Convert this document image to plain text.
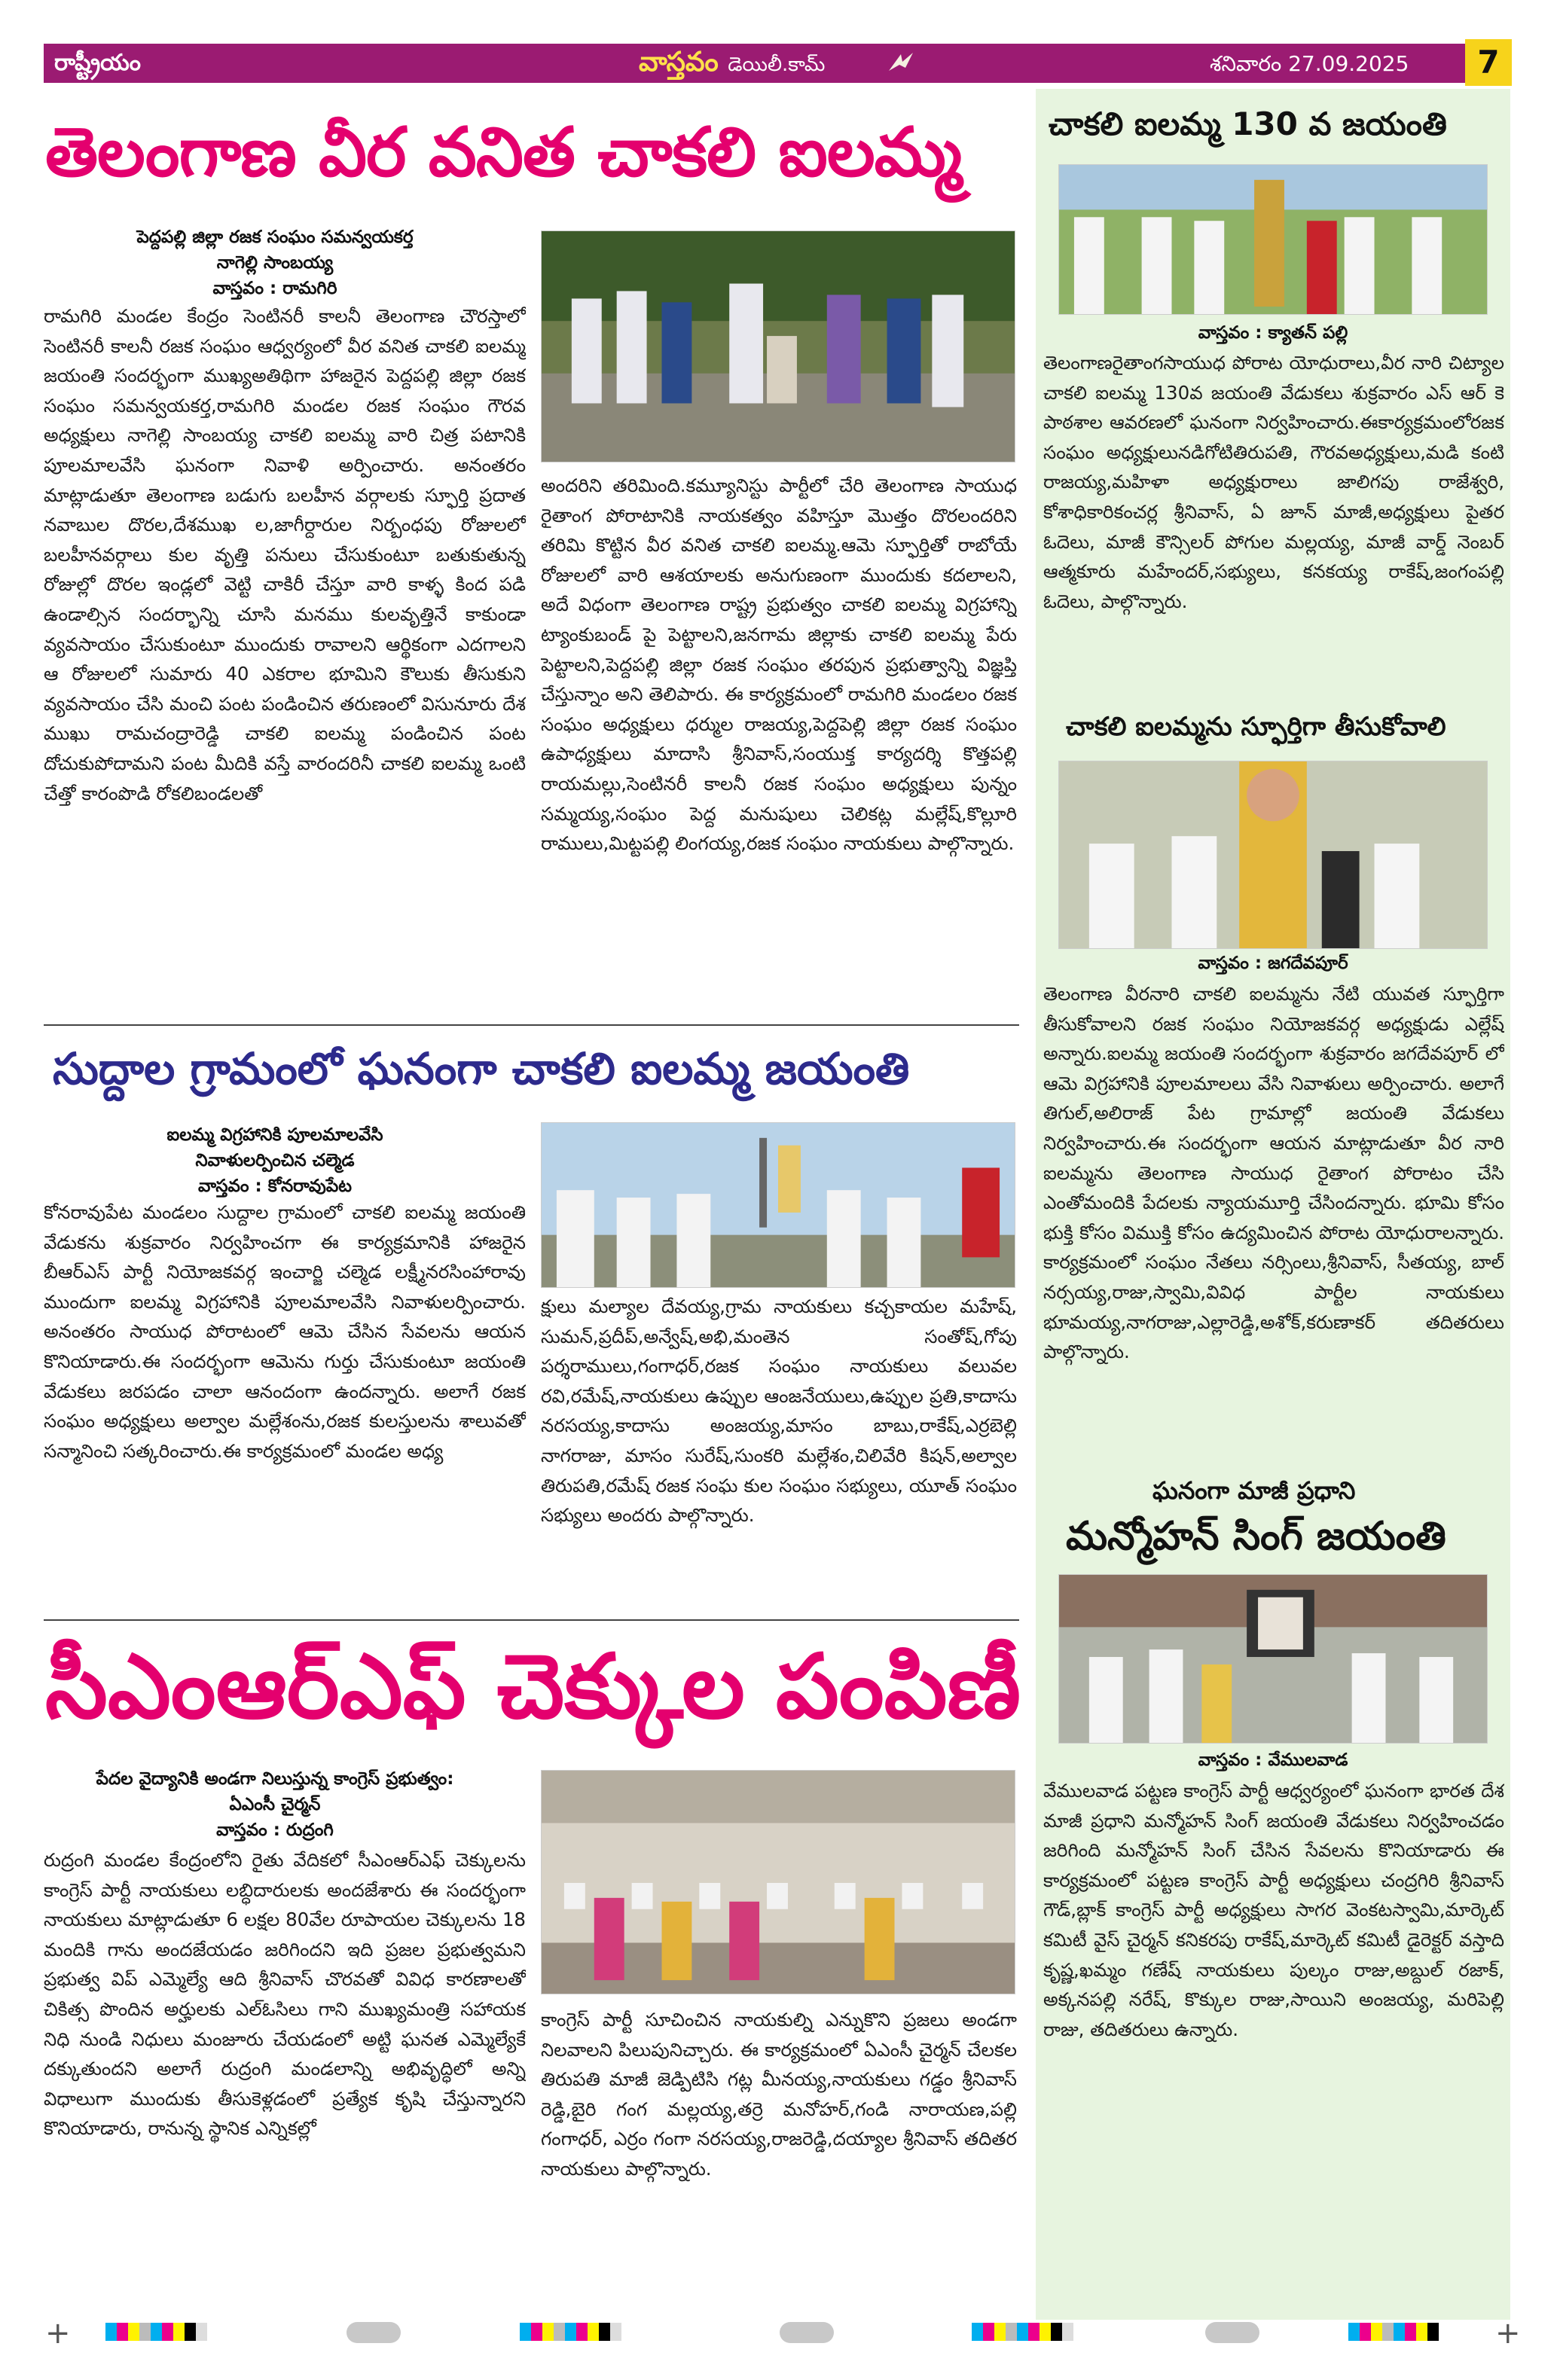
రాష్ట్రీయం	వాస్తవం డెయిలీ.కామ్	శనివారం 27.09.2025	7
తెలంగాణ వీర వనిత చాకలి ఐలమ్మ
పెద్దపల్లి జిల్లా రజక సంఘం సమన్వయకర్త
నాగెల్లి సాంబయ్య
వాస్తవం : రామగిరి
రామగిరి మండల కేంద్రం సెంటినరీ కాలనీ తెలంగాణ చౌరస్తాలో సెంటినరీ కాలనీ రజక సంఘం ఆధ్వర్యంలో వీర వనిత చాకలి ఐలమ్మ జయంతి సందర్భంగా ముఖ్యఅతిథిగా హాజరైన పెద్దపల్లి జిల్లా రజక సంఘం సమన్వయకర్త,రామగిరి మండల రజక సంఘం గౌరవ అధ్యక్షులు నాగెల్లి సాంబయ్య చాకలి ఐలమ్మ వారి చిత్ర పటానికి పూలమాలవేసి ఘనంగా నివాళి అర్పించారు. అనంతరం మాట్లాడుతూ తెలంగాణ బడుగు బలహీన వర్గాలకు స్ఫూర్తి ప్రదాత నవాబుల దొరల,దేశముఖ ల,జాగీర్దారుల నిర్బంధపు రోజులలో బలహీనవర్గాలు కుల వృత్తి పనులు చేసుకుంటూ బతుకుతున్న రోజుల్లో దొరల ఇండ్లలో వెట్టి చాకిరీ చేస్తూ వారి కాళ్ళ కింద పడి ఉండాల్సిన సందర్భాన్ని చూసి మనము కులవృత్తినే కాకుండా వ్యవసాయం చేసుకుంటూ ముందుకు రావాలని ఆర్థికంగా ఎదగాలని ఆ రోజులలో సుమారు 40 ఎకరాల భూమిని కౌలుకు తీసుకుని వ్యవసాయం చేసి మంచి పంట పండించిన తరుణంలో విసునూరు దేశ ముఖు రామచంద్రారెడ్డి చాకలి ఐలమ్మ పండించిన పంట దోచుకుపోదామని పంట మీదికి వస్తే వారందరినీ చాకలి ఐలమ్మ ఒంటి చేత్తో కారంపొడి రోకలిబండలతో
అందరిని తరిమింది.కమ్యూనిస్టు పార్టీలో చేరి తెలంగాణ సాయుధ రైతాంగ పోరాటానికి నాయకత్వం వహిస్తూ మొత్తం దొరలందరిని తరిమి కొట్టిన వీర వనిత చాకలి ఐలమ్మ.ఆమె స్ఫూర్తితో రాబోయే రోజులలో వారి ఆశయాలకు అనుగుణంగా ముందుకు కదలాలని, అదే విధంగా తెలంగాణ రాష్ట్ర ప్రభుత్వం చాకలి ఐలమ్మ విగ్రహాన్ని ట్యాంకుబండ్ పై పెట్టాలని,జనగామ జిల్లాకు చాకలి ఐలమ్మ పేరు పెట్టాలని,పెద్దపల్లి జిల్లా రజక సంఘం తరపున ప్రభుత్వాన్ని విజ్ఞప్తి చేస్తున్నాం అని తెలిపారు. ఈ కార్యక్రమంలో రామగిరి మండలం రజక సంఘం అధ్యక్షులు ధర్ముల రాజయ్య,పెద్దపెల్లి జిల్లా రజక సంఘం ఉపాధ్యక్షులు మాదాసి శ్రీనివాస్,సంయుక్త కార్యదర్శి కొత్తపల్లి రాయమల్లు,సెంటినరీ కాలనీ రజక సంఘం అధ్యక్షులు పున్నం సమ్మయ్య,సంఘం పెద్ద మనుషులు చెలికట్ల మల్లేష్,కొల్లూరి రాములు,మిట్టపల్లి లింగయ్య,రజక సంఘం నాయకులు పాల్గొన్నారు.
సుద్దాల గ్రామంలో ఘనంగా చాకలి ఐలమ్మ జయంతి
ఐలమ్మ విగ్రహానికి పూలమాలవేసి
నివాళులర్పించిన చల్మెడ
వాస్తవం : కోనరావుపేట
కోనరావుపేట మండలం సుద్దాల గ్రామంలో చాకలి ఐలమ్మ జయంతి వేడుకను శుక్రవారం నిర్వహించగా ఈ కార్యక్రమానికి హాజరైన బీఆర్ఎస్ పార్టీ నియోజకవర్గ ఇంచార్జి చల్మెడ లక్ష్మీనరసింహారావు ముందుగా ఐలమ్మ విగ్రహానికి పూలమాలవేసి నివాళులర్పించారు. అనంతరం సాయుధ పోరాటంలో ఆమె చేసిన సేవలను ఆయన కొనియాడారు.ఈ సందర్భంగా ఆమెను గుర్తు చేసుకుంటూ జయంతి వేడుకలు జరపడం చాలా ఆనందంగా ఉందన్నారు. అలాగే రజక సంఘం అధ్యక్షులు అల్వాల మల్లేశంను,రజక కులస్తులను శాలువతో సన్మానించి సత్కరించారు.ఈ కార్యక్రమంలో మండల అధ్య
క్షులు మల్యాల దేవయ్య,గ్రామ నాయకులు కచ్చకాయల మహేష్, సుమన్,ప్రదీప్,అన్వేష్,అభి,మంతెన సంతోష్,గోపు పర్శరాములు,గంగాధర్,రజక సంఘం నాయకులు వలువల రవి,రమేష్,నాయకులు ఉప్పుల ఆంజనేయులు,ఉప్పుల ప్రతి,కాదాసు నరసయ్య,కాదాసు అంజయ్య,మాసం బాబు,రాకేష్,ఎర్రబెల్లి నాగరాజు, మాసం సురేష్,సుంకరి మల్లేశం,చిలివేరి కిషన్,అల్వాల తిరుపతి,రమేష్ రజక సంఘ కుల సంఘం సభ్యులు, యూత్ సంఘం సభ్యులు అందరు పాల్గొన్నారు.
సీఎంఆర్ఎఫ్ చెక్కుల పంపిణీ
పేదల వైద్యానికి అండగా నిలుస్తున్న కాంగ్రెస్ ప్రభుత్వం:
ఏఎంసీ చైర్మన్
వాస్తవం : రుద్రంగి
రుద్రంగి మండల కేంద్రంలోని రైతు వేదికలో సీఎంఆర్ఎఫ్ చెక్కులను కాంగ్రెస్ పార్టీ నాయకులు లబ్ధిదారులకు అందజేశారు ఈ సందర్భంగా నాయకులు మాట్లాడుతూ 6 లక్షల 80వేల రూపాయల చెక్కులను 18 మందికి గాను అందజేయడం జరిగిందని ఇది ప్రజల ప్రభుత్వమని ప్రభుత్వ విప్ ఎమ్మెల్యే ఆది శ్రీనివాస్ చొరవతో వివిధ కారణాలతో చికిత్స పొందిన అర్హులకు ఎల్ఓసిలు గాని ముఖ్యమంత్రి సహాయక నిధి నుండి నిధులు మంజూరు చేయడంలో అట్టి ఘనత ఎమ్మెల్యేకే దక్కుతుందని అలాగే రుద్రంగి మండలాన్ని అభివృద్ధిలో అన్ని విధాలుగా ముందుకు తీసుకెళ్లడంలో ప్రత్యేక కృషి చేస్తున్నారని కొనియాడారు, రానున్న స్థానిక ఎన్నికల్లో
కాంగ్రెస్ పార్టీ సూచించిన నాయకుల్ని ఎన్నుకొని ప్రజలు అండగా నిలవాలని పిలుపునిచ్చారు. ఈ కార్యక్రమంలో ఏఎంసీ చైర్మన్ చేలకల తిరుపతి మాజీ జెడ్పిటిసి గట్ల మీనయ్య,నాయకులు గడ్డం శ్రీనివాస్ రెడ్డి,బైరి గంగ మల్లయ్య,తర్రె మనోహర్,గండి నారాయణ,పల్లి గంగాధర్, ఎర్రం గంగా నరసయ్య,రాజరెడ్డి,దయ్యాల శ్రీనివాస్ తదితర నాయకులు పాల్గొన్నారు.
చాకలి ఐలమ్మ 130 వ జయంతి
వాస్తవం : క్యాతన్ పల్లి
తెలంగాణరైతాంగసాయుధ పోరాట యోధురాలు,వీర నారి చిట్యాల చాకలి ఐలమ్మ 130వ జయంతి వేడుకలు శుక్రవారం ఎస్ ఆర్ కె పాఠశాల ఆవరణలో ఘనంగా నిర్వహించారు.ఈకార్యక్రమంలోరజక సంఘం అధ్యక్షులునడిగోటితిరుపతి, గౌరవఅధ్యక్షులు,మడి కంటి రాజయ్య,మహిళా అధ్యక్షురాలు జాలిగపు రాజేశ్వరి, కోశాధికారికంచర్ల శ్రీనివాస్, ఏ జూన్ మాజీ,అధ్యక్షులు పైతర ఓదెలు, మాజీ కౌన్సిలర్ పోగుల మల్లయ్య, మాజీ వార్డ్ నెంబర్ ఆత్మకూరు మహేందర్,సభ్యులు, కనకయ్య రాకేష్,జంగంపల్లి ఓదెలు, పాల్గొన్నారు.
చాకలి ఐలమ్మను స్ఫూర్తిగా తీసుకోవాలి
వాస్తవం : జగదేవపూర్
తెలంగాణ వీరనారి చాకలి ఐలమ్మను నేటి యువత స్ఫూర్తిగా తీసుకోవాలని రజక సంఘం నియోజకవర్గ అధ్యక్షుడు ఎల్లేష్ అన్నారు.ఐలమ్మ జయంతి సందర్భంగా శుక్రవారం జగదేవపూర్ లో ఆమె విగ్రహానికి పూలమాలలు వేసి నివాళులు అర్పించారు. అలాగే తిగుల్,అలిరాజ్ పేట గ్రామాల్లో జయంతి వేడుకలు నిర్వహించారు.ఈ సందర్భంగా ఆయన మాట్లాడుతూ వీర నారి ఐలమ్మను తెలంగాణ సాయుధ రైతాంగ పోరాటం చేసి ఎంతోమందికి పేదలకు న్యాయమూర్తి చేసిందన్నారు. భూమి కోసం భుక్తి కోసం విముక్తి కోసం ఉద్యమించిన పోరాట యోధురాలన్నారు. కార్యక్రమంలో సంఘం నేతలు నర్సింలు,శ్రీనివాస్, సీతయ్య, బాల్ నర్సయ్య,రాజు,స్వామి,వివిధ పార్టీల నాయకులు భూమయ్య,నాగరాజు,ఎల్లారెడ్డి,అశోక్,కరుణాకర్ తదితరులు పాల్గొన్నారు.
ఘనంగా మాజీ ప్రధాని
మన్మోహన్ సింగ్ జయంతి
వాస్తవం : వేములవాడ
వేములవాడ పట్టణ కాంగ్రెస్ పార్టీ ఆధ్వర్యంలో ఘనంగా భారత దేశ మాజీ ప్రధాని మన్మోహన్ సింగ్ జయంతి వేడుకలు నిర్వహించడం జరిగింది మన్మోహన్ సింగ్ చేసిన సేవలను కొనియాడారు ఈ కార్యక్రమంలో పట్టణ కాంగ్రెస్ పార్టీ అధ్యక్షులు చంద్రగిరి శ్రీనివాస్ గౌడ్,బ్లాక్ కాంగ్రెస్ పార్టీ అధ్యక్షులు సాగర వెంకటస్వామి,మార్కెట్ కమిటీ వైస్ చైర్మన్ కనికరపు రాకేష్,మార్కెట్ కమిటీ డైరెక్టర్ వస్తాది కృష్ణ,ఖమ్మం గణేష్ నాయకులు పుల్కం రాజు,అబ్దుల్ రజాక్, అక్కనపల్లి నరేష్, కొక్కుల రాజు,సాయిని అంజయ్య, మరిపెల్లి రాజు, తదితరులు ఉన్నారు.
+	+
